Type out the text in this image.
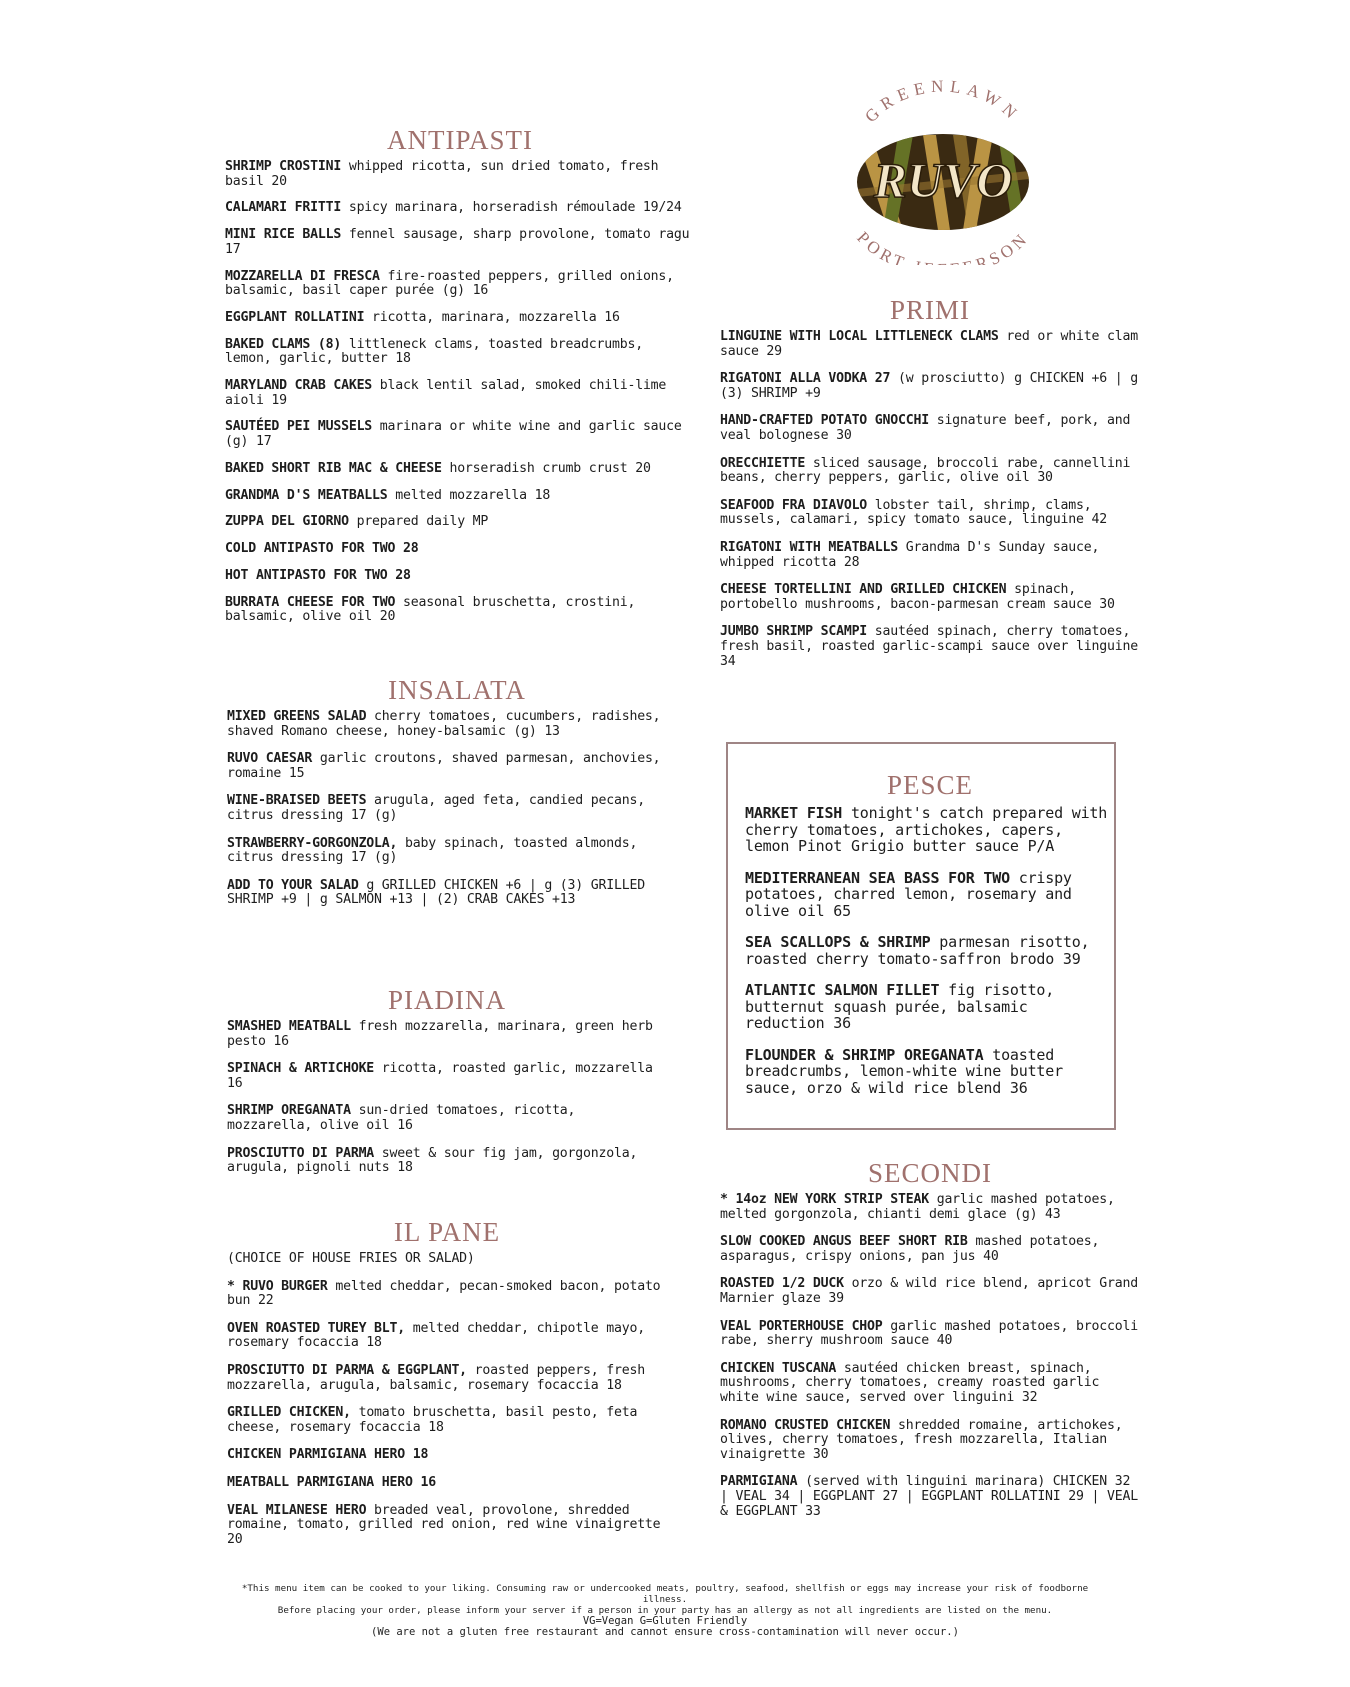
RUVO
GREENLAWN
PORT RSON
ANTIPASTI

SHRIMP CROSTINI whipped ricotta, sun dried tomato, fresh basil 20

CALAMARI FRITTI spicy marinara, horseradish rémoulade 19/24

MINI RICE BALLS fennel sausage, sharp provolone, tomato ragu 17

MOZZARELLA DI FRESCA fire-roasted peppers, grilled onions, balsamic, basil caper purée (g) 16

EGGPLANT ROLLATINI ricotta, marinara, mozzarella 16

BAKED CLAMS (8) littleneck clams, toasted breadcrumbs, lemon, garlic, butter 18

MARYLAND CRAB CAKES black lentil salad, smoked chili-lime aioli 19

SAUTÉED PEI MUSSELS marinara or white wine and garlic sauce (g) 17

BAKED SHORT RIB MAC & CHEESE horseradish crumb crust 20

GRANDMA D'S MEATBALLS melted mozzarella 18

ZUPPA DEL GIORNO prepared daily MP

COLD ANTIPASTO FOR TWO 28

HOT ANTIPASTO FOR TWO 28

BURRATA CHEESE FOR TWO seasonal bruschetta, crostini, balsamic, olive oil 20

INSALATA

MIXED GREENS SALAD cherry tomatoes, cucumbers, radishes, shaved Romano cheese, honey-balsamic (g) 13

RUVO CAESAR garlic croutons, shaved parmesan, anchovies, romaine 15

WINE-BRAISED BEETS arugula, aged feta, candied pecans, citrus dressing 17 (g)

STRAWBERRY-GORGONZOLA, baby spinach, toasted almonds, citrus dressing 17 (g)

ADD TO YOUR SALAD g GRILLED CHICKEN +6 | g (3) GRILLED SHRIMP +9 | g SALMON +13 | (2) CRAB CAKES +13

PIADINA

SMASHED MEATBALL fresh mozzarella, marinara, green herb pesto 16

SPINACH & ARTICHOKE ricotta, roasted garlic, mozzarella 16

SHRIMP OREGANATA sun-dried tomatoes, ricotta, mozzarella, olive oil 16

PROSCIUTTO DI PARMA sweet & sour fig jam, gorgonzola, arugula, pignoli nuts 18

IL PANE

(CHOICE OF HOUSE FRIES OR SALAD)

* RUVO BURGER melted cheddar, pecan-smoked bacon, potato bun 22

OVEN ROASTED TUREY BLT, melted cheddar, chipotle mayo, rosemary focaccia 18

PROSCIUTTO DI PARMA & EGGPLANT, roasted peppers, fresh mozzarella, arugula, balsamic, rosemary focaccia 18

GRILLED CHICKEN, tomato bruschetta, basil pesto, feta cheese, rosemary focaccia 18

CHICKEN PARMIGIANA HERO 18

MEATBALL PARMIGIANA HERO 16

VEAL MILANESE HERO breaded veal, provolone, shredded romaine, tomato, grilled red onion, red wine vinaigrette 20

PRIMI

LINGUINE WITH LOCAL LITTLENECK CLAMS red or white clam sauce 29

RIGATONI ALLA VODKA 27 (w prosciutto) g CHICKEN +6 | g (3) SHRIMP +9

HAND-CRAFTED POTATO GNOCCHI signature beef, pork, and veal bolognese 30

ORECCHIETTE sliced sausage, broccoli rabe, cannellini beans, cherry peppers, garlic, olive oil 30

SEAFOOD FRA DIAVOLO lobster tail, shrimp, clams, mussels, calamari, spicy tomato sauce, linguine 42

RIGATONI WITH MEATBALLS Grandma D's Sunday sauce, whipped ricotta 28

CHEESE TORTELLINI AND GRILLED CHICKEN spinach, portobello mushrooms, bacon-parmesan cream sauce 30

JUMBO SHRIMP SCAMPI sautéed spinach, cherry tomatoes, fresh basil, roasted garlic-scampi sauce over linguine 34

PESCE

MARKET FISH tonight's catch prepared with cherry tomatoes, artichokes, capers, lemon Pinot Grigio butter sauce P/A

MEDITERRANEAN SEA BASS FOR TWO crispy potatoes, charred lemon, rosemary and olive oil 65

SEA SCALLOPS & SHRIMP parmesan risotto, roasted cherry tomato-saffron brodo 39

ATLANTIC SALMON FILLET fig risotto, butternut squash purée, balsamic reduction 36

FLOUNDER & SHRIMP OREGANATA toasted breadcrumbs, lemon-white wine butter sauce, orzo & wild rice blend 36

SECONDI

* 14oz NEW YORK STRIP STEAK garlic mashed potatoes, melted gorgonzola, chianti demi glace (g) 43

SLOW COOKED ANGUS BEEF SHORT RIB mashed potatoes, asparagus, crispy onions, pan jus 40

ROASTED 1/2 DUCK orzo & wild rice blend, apricot Grand Marnier glaze 39

VEAL PORTERHOUSE CHOP garlic mashed potatoes, broccoli rabe, sherry mushroom sauce 40

CHICKEN TUSCANA sautéed chicken breast, spinach, mushrooms, cherry tomatoes, creamy roasted garlic white wine sauce, served over linguini 32

ROMANO CRUSTED CHICKEN shredded romaine, artichokes, olives, cherry tomatoes, fresh mozzarella, Italian vinaigrette 30

PARMIGIANA (served with linguini marinara) CHICKEN 32 | VEAL 34 | EGGPLANT 27 | EGGPLANT ROLLATINI 29 | VEAL & EGGPLANT 33

*This menu item can be cooked to your liking. Consuming raw or undercooked meats, poultry, seafood, shellfish or eggs may increase your risk of foodborne illness.

Before placing your order, please inform your server if a person in your party has an allergy as not all ingredients are listed on the menu.

VG=Vegan G=Gluten Friendly

(We are not a gluten free restaurant and cannot ensure cross-contamination will never occur.)
